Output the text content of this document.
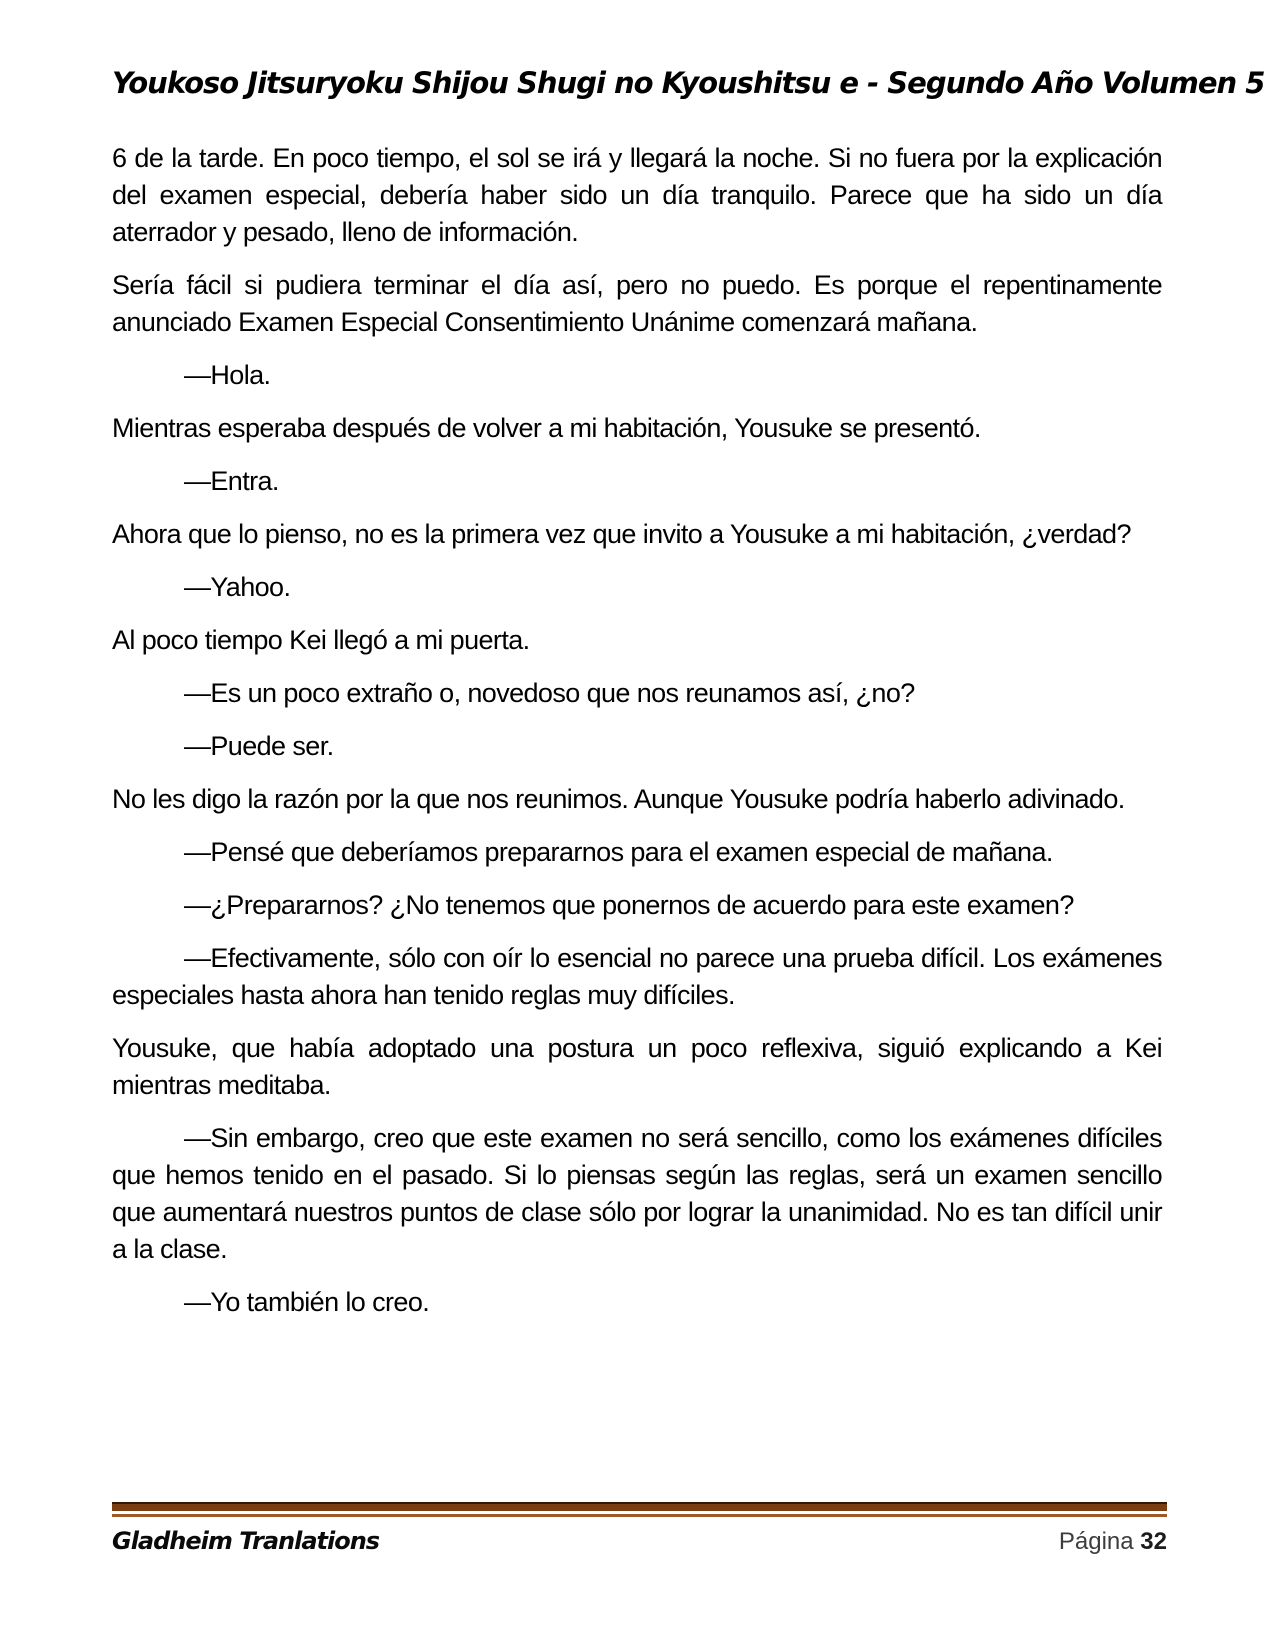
Youkoso Jitsuryoku Shijou Shugi no Kyoushitsu e - Segundo Año Volumen 5

6 de la tarde. En poco tiempo, el sol se irá y llegará la noche. Si no fuera por la explicación del examen especial, debería haber sido un día tranquilo. Parece que ha sido un día aterrador y pesado, lleno de información.

Sería fácil si pudiera terminar el día así, pero no puedo. Es porque el repentinamente anunciado Examen Especial Consentimiento Unánime comenzará mañana.

—Hola.

Mientras esperaba después de volver a mi habitación, Yousuke se presentó.

—Entra.

Ahora que lo pienso, no es la primera vez que invito a Yousuke a mi habitación, ¿verdad?

—Yahoo.

Al poco tiempo Kei llegó a mi puerta.

—Es un poco extraño o, novedoso que nos reunamos así, ¿no?

—Puede ser.

No les digo la razón por la que nos reunimos. Aunque Yousuke podría haberlo adivinado.

—Pensé que deberíamos prepararnos para el examen especial de mañana.

—¿Prepararnos? ¿No tenemos que ponernos de acuerdo para este examen?

—Efectivamente, sólo con oír lo esencial no parece una prueba difícil. Los exámenes especiales hasta ahora han tenido reglas muy difíciles.

Yousuke, que había adoptado una postura un poco reflexiva, siguió explicando a Kei mientras meditaba.

—Sin embargo, creo que este examen no será sencillo, como los exámenes difíciles que hemos tenido en el pasado. Si lo piensas según las reglas, será un examen sencillo que aumentará nuestros puntos de clase sólo por lograr la unanimidad. No es tan difícil unir a la clase.

—Yo también lo creo.

Gladheim Tranlations	Página 32
